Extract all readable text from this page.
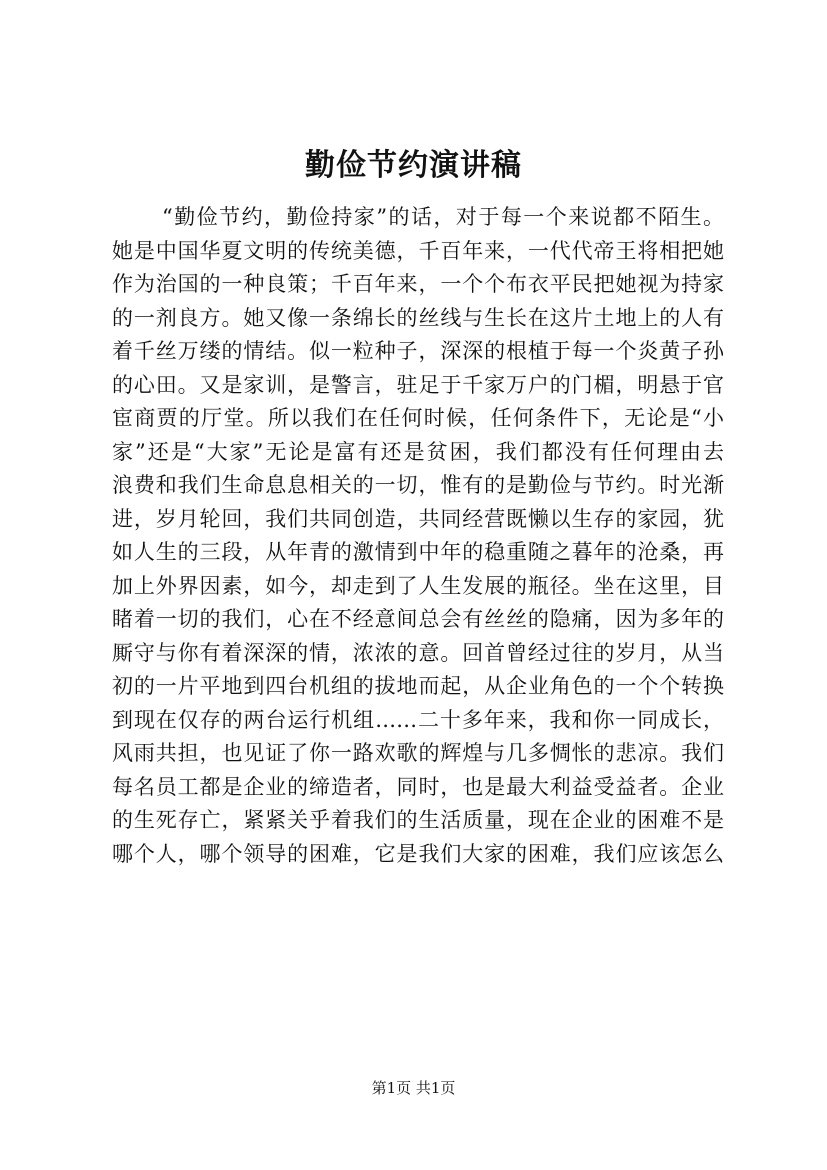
勤俭节约演讲稿
“勤俭节约，勤俭持家”的话，对于每一个来说都不陌生。
她是中国华夏文明的传统美德，千百年来，一代代帝王将相把她
作为治国的一种良策；千百年来，一个个布衣平民把她视为持家
的一剂良方。她又像一条绵长的丝线与生长在这片土地上的人有
着千丝万缕的情结。似一粒种子，深深的根植于每一个炎黄子孙
的心田。又是家训，是警言，驻足于千家万户的门楣，明悬于官
宦商贾的厅堂。所以我们在任何时候，任何条件下，无论是“小
家”还是“大家”无论是富有还是贫困，我们都没有任何理由去
浪费和我们生命息息相关的一切，惟有的是勤俭与节约。时光渐
进，岁月轮回，我们共同创造，共同经营既懒以生存的家园，犹
如人生的三段，从年青的激情到中年的稳重随之暮年的沧桑，再
加上外界因素，如今，却走到了人生发展的瓶径。坐在这里，目
睹着一切的我们，心在不经意间总会有丝丝的隐痛，因为多年的
厮守与你有着深深的情，浓浓的意。回首曾经过往的岁月，从当
初的一片平地到四台机组的拔地而起，从企业角色的一个个转换
到现在仅存的两台运行机组……二十多年来，我和你一同成长，
风雨共担，也见证了你一路欢歌的辉煌与几多惆怅的悲凉。我们
每名员工都是企业的缔造者，同时，也是最大利益受益者。企业
的生死存亡，紧紧关乎着我们的生活质量，现在企业的困难不是
哪个人，哪个领导的困难，它是我们大家的困难，我们应该怎么
第1页 共1页
